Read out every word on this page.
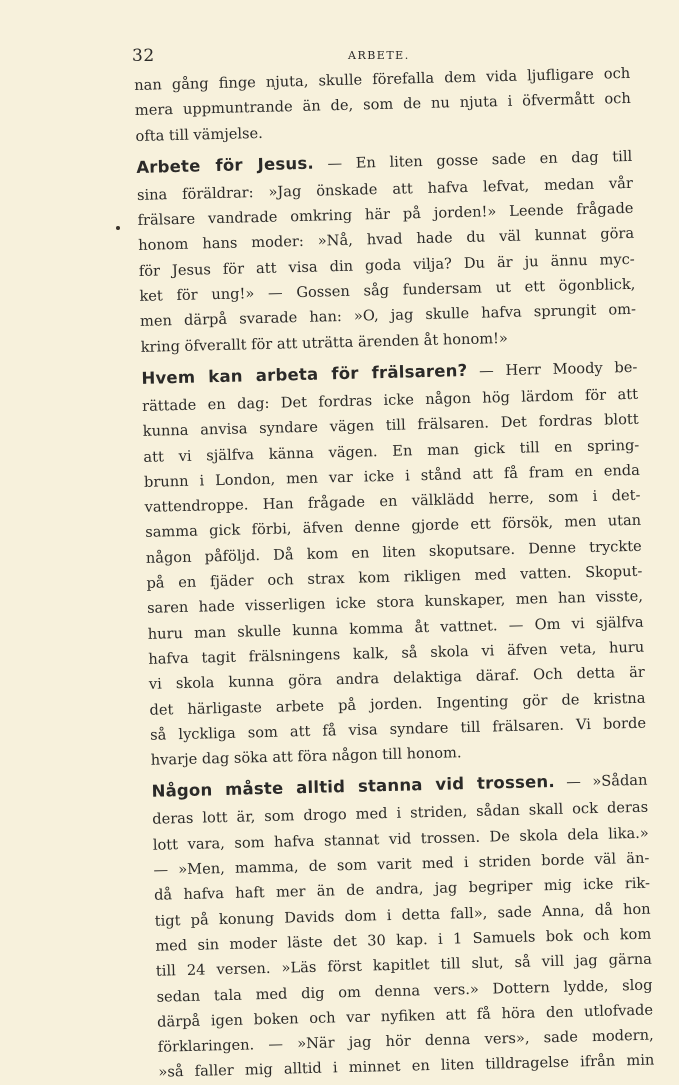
32	ARBETE.
nan gång finge njuta, skulle förefalla dem vida ljufligare och
mera uppmuntrande än de, som de nu njuta i öfvermått och
ofta till vämjelse.
Arbete för Jesus. — En liten gosse sade en dag till
sina föräldrar: »Jag önskade att hafva lefvat, medan vår
frälsare vandrade omkring här på jorden!» Leende frågade
honom hans moder: »Nå, hvad hade du väl kunnat göra
för Jesus för att visa din goda vilja? Du är ju ännu myc-
ket för ung!» — Gossen såg fundersam ut ett ögonblick,
men därpå svarade han: »O, jag skulle hafva sprungit om-
kring öfverallt för att uträtta ärenden åt honom!»
Hvem kan arbeta för frälsaren? — Herr Moody be-
rättade en dag: Det fordras icke någon hög lärdom för att
kunna anvisa syndare vägen till frälsaren. Det fordras blott
att vi själfva känna vägen. En man gick till en spring-
brunn i London, men var icke i stånd att få fram en enda
vattendroppe. Han frågade en välklädd herre, som i det-
samma gick förbi, äfven denne gjorde ett försök, men utan
någon påföljd. Då kom en liten skoputsare. Denne tryckte
på en fjäder och strax kom rikligen med vatten. Skoput-
saren hade visserligen icke stora kunskaper, men han visste,
huru man skulle kunna komma åt vattnet. — Om vi själfva
hafva tagit frälsningens kalk, så skola vi äfven veta, huru
vi skola kunna göra andra delaktiga däraf. Och detta är
det härligaste arbete på jorden. Ingenting gör de kristna
så lyckliga som att få visa syndare till frälsaren. Vi borde
hvarje dag söka att föra någon till honom.
Någon måste alltid stanna vid trossen. — »Sådan
deras lott är, som drogo med i striden, sådan skall ock deras
lott vara, som hafva stannat vid trossen. De skola dela lika.»
— »Men, mamma, de som varit med i striden borde väl än-
då hafva haft mer än de andra, jag begriper mig icke rik-
tigt på konung Davids dom i detta fall», sade Anna, då hon
med sin moder läste det 30 kap. i 1 Samuels bok och kom
till 24 versen. »Läs först kapitlet till slut, så vill jag gärna
sedan tala med dig om denna vers.» Dottern lydde, slog
därpå igen boken och var nyfiken att få höra den utlofvade
förklaringen. — »När jag hör denna vers», sade modern,
»så faller mig alltid i minnet en liten tilldragelse ifrån min
